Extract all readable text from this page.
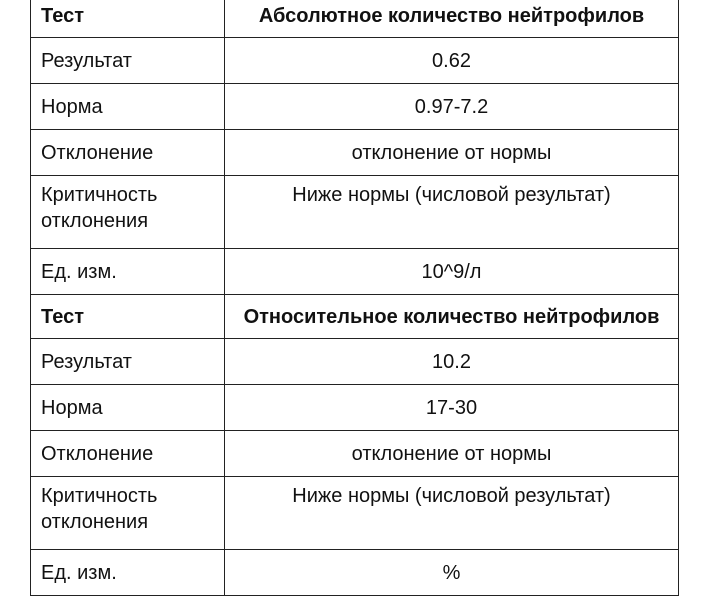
Тест	Абсолютное количество нейтрофилов
Результат	0.62
Норма	0.97-7.2
Отклонение	отклонение от нормы
Критичность
отклонения	Ниже нормы (числовой результат)
Ед. изм.	10^9/л
Тест	Относительное количество нейтрофилов
Результат	10.2
Норма	17-30
Отклонение	отклонение от нормы
Критичность
отклонения	Ниже нормы (числовой результат)
Ед. изм.	%
